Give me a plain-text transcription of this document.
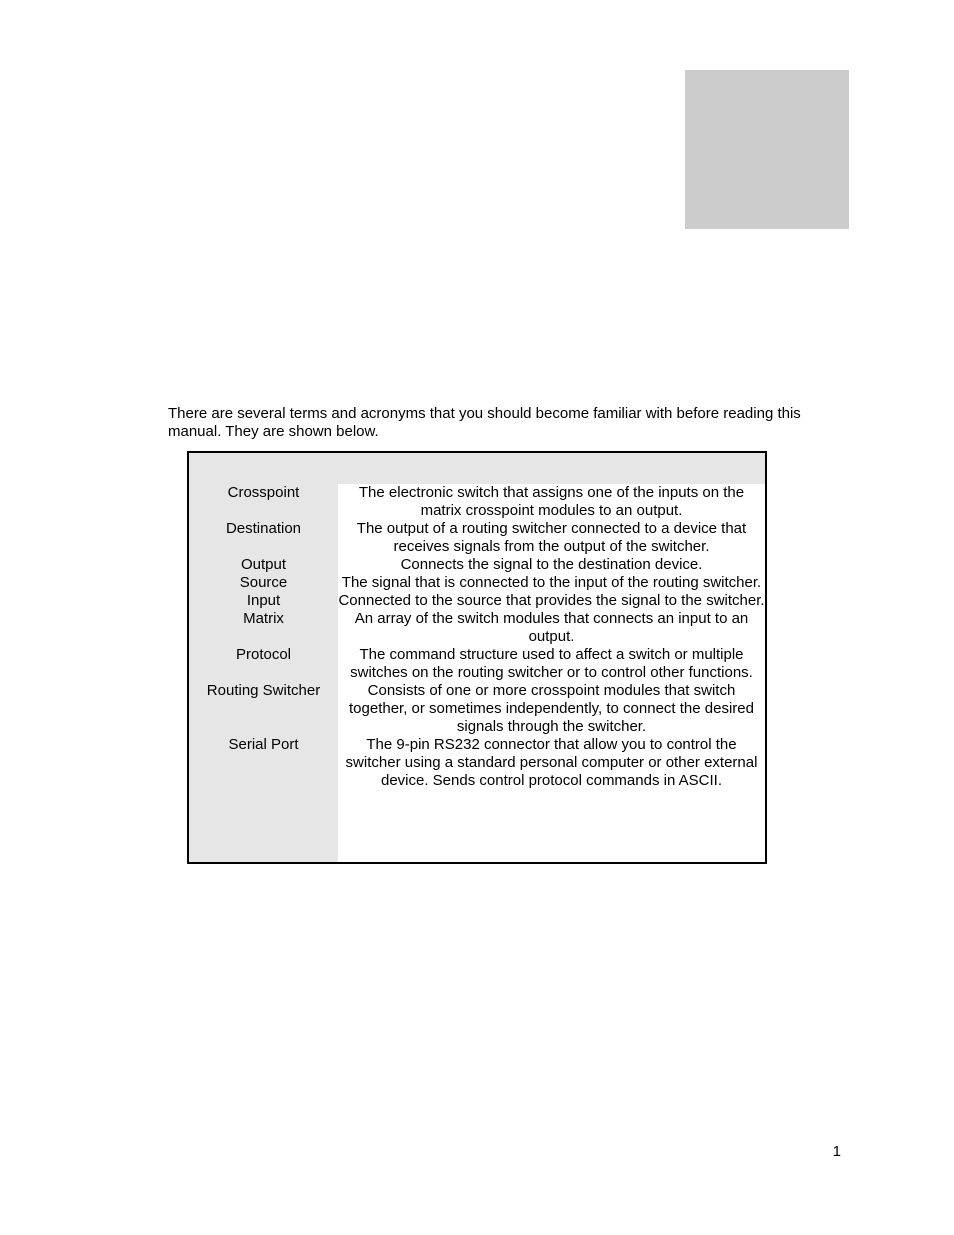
There are several terms and acronyms that you should become familiar with before reading this manual. They are shown below.

Crosspoint	The electronic switch that assigns one of the inputs on the matrix crosspoint modules to an output.
Destination	The output of a routing switcher connected to a device that receives signals from the output of the switcher.
Output	Connects the signal to the destination device.
Source	The signal that is connected to the input of the routing switcher.
Input	Connected to the source that provides the signal to the switcher.
Matrix	An array of the switch modules that connects an input to an output.
Protocol	The command structure used to affect a switch or multiple switches on the routing switcher or to control other functions.
Routing Switcher	Consists of one or more crosspoint modules that switch together, or sometimes independently, to connect the desired signals through the switcher.
Serial Port	The 9-pin RS232 connector that allow you to control the switcher using a standard personal computer or other external device. Sends control protocol commands in ASCII.
1
